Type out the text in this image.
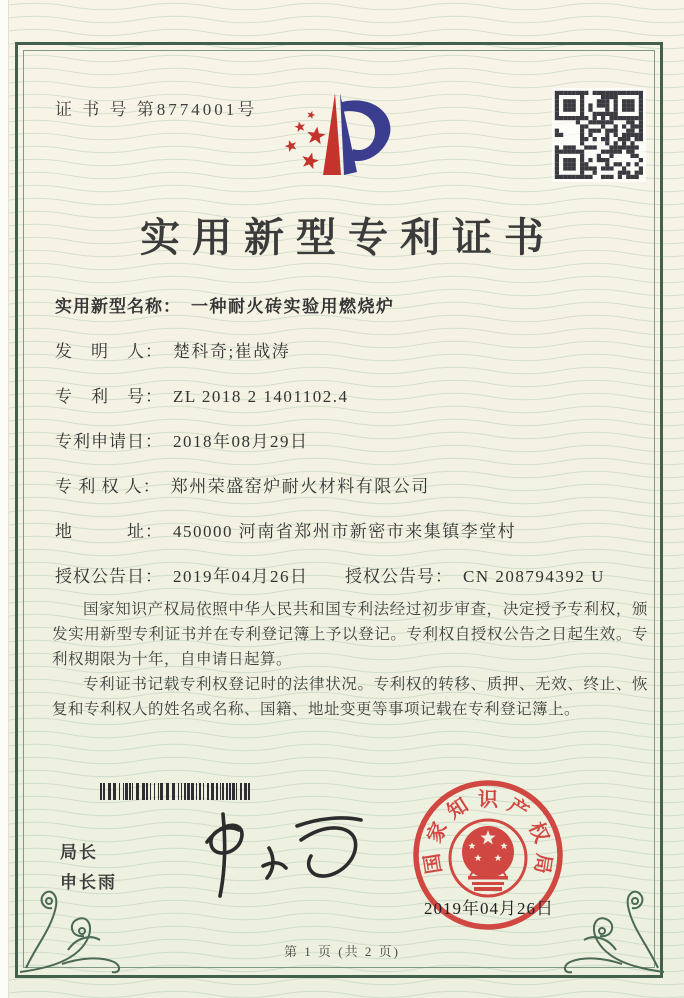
证 书 号 第8774001号
实用新型专利证书
实用新型名称： 一种耐火砖实验用燃烧炉
发　明　人： 楚科奇;崔战涛
专　利　号： ZL 2018 2 1401102.4
专利申请日： 2018年08月29日
专 利 权 人： 郑州荣盛窑炉耐火材料有限公司
地　　　址： 450000 河南省郑州市新密市来集镇李堂村
授权公告日： 2019年04月26日 授权公告号： CN 208794392 U

国家知识产权局依照中华人民共和国专利法经过初步审查，决定授予专利权，颁发实用新型专利证书并在专利登记簿上予以登记。专利权自授权公告之日起生效。专利权期限为十年，自申请日起算。

专利证书记载专利权登记时的法律状况。专利权的转移、质押、无效、终止、恢复和专利权人的姓名或名称、国籍、地址变更等事项记载在专利登记簿上。

局长
申长雨
国
家
知 识 产
权
局
2019年04月26日
第 1 页 (共 2 页)
